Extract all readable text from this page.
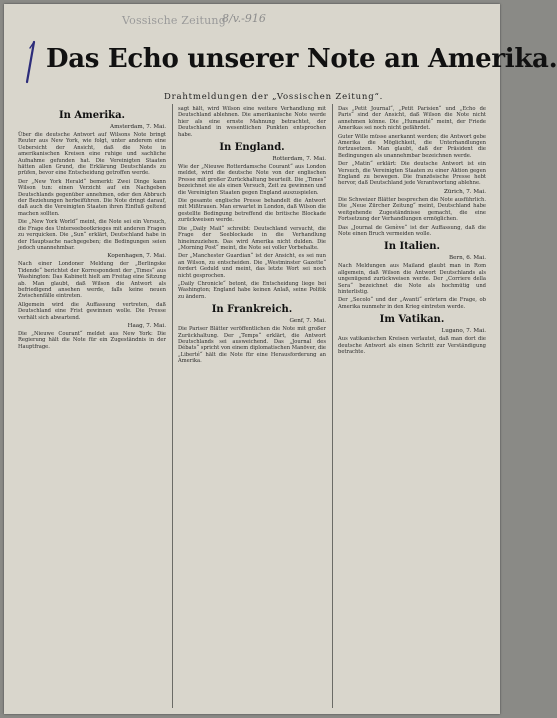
Vossische Zeitung
8/v.-916
Das Echo unserer Note an Amerika.
Drahtmeldungen der „Vossischen Zeitung“.
In Amerika.
Amsterdam, 7. Mai.

Über die deutsche Antwort auf Wilsons Note bringt Reuter aus New York, wie folgt, unter anderem eine Uebersicht der Ansicht, daß die Note in amerikanischen Kreisen eine ruhige und sachliche Aufnahme gefunden hat. Die Vereinigten Staaten hätten allen Grund, die Erklärung Deutschlands zu prüfen, bevor eine Entscheidung getroffen werde.

Der „New York Herald“ bemerkt: Zwei Dinge kann Wilson tun: einen Verzicht auf ein Nachgeben Deutschlands gegenüber annehmen, oder den Abbruch der Beziehungen herbeiführen. Die Note dringt darauf, daß auch die Vereinigten Staaten ihren Einfluß geltend machen sollten.

Die „New York World“ meint, die Note sei ein Versuch, die Frage des Unterseebootkrieges mit anderen Fragen zu verquicken. Die „Sun“ erklärt, Deutschland habe in der Hauptsache nachgegeben; die Bedingungen seien jedoch unannehmbar.

Kopenhagen, 7. Mai.

Nach einer Londoner Meldung der „Berlingske Tidende“ berichtet der Korrespondent der „Times“ aus Washington: Das Kabinett hielt am Freitag eine Sitzung ab. Man glaubt, daß Wilson die Antwort als befriedigend ansehen werde, falls keine neuen Zwischenfälle eintreten.

Allgemein wird die Auffassung vertreten, daß Deutschland eine Frist gewinnen wolle. Die Presse verhält sich abwartend.

Haag, 7. Mai.

Die „Nieuwe Courant“ meldet aus New York: Die Regierung hält die Note für ein Zugeständnis in der Hauptfrage.

sagt hält, wird Wilson eine weitere Verhandlung mit Deutschland ablehnen. Die amerikanische Note werde hier als eine ernste Mahnung betrachtet, der Deutschland in wesentlichen Punkten entsprochen habe.

In England.
Rotterdam, 7. Mai.

Wie der „Nieuwe Rotterdamsche Courant“ aus London meldet, wird die deutsche Note von der englischen Presse mit großer Zurückhaltung beurteilt. Die „Times“ bezeichnet sie als einen Versuch, Zeit zu gewinnen und die Vereinigten Staaten gegen England auszuspielen.

Die gesamte englische Presse behandelt die Antwort mit Mißtrauen. Man erwartet in London, daß Wilson die gestellte Bedingung betreffend die britische Blockade zurückweisen werde.

Die „Daily Mail“ schreibt: Deutschland versucht, die Frage der Seeblockade in die Verhandlung hineinzuziehen. Das wird Amerika nicht dulden. Die „Morning Post“ meint, die Note sei voller Vorbehalte.

Der „Manchester Guardian“ ist der Ansicht, es sei nun an Wilson, zu entscheiden. Die „Westminster Gazette“ fordert Geduld und meint, das letzte Wort sei noch nicht gesprochen.

„Daily Chronicle“ betont, die Entscheidung liege bei Washington; England habe keinen Anlaß, seine Politik zu ändern.

In Frankreich.
Genf, 7. Mai.

Die Pariser Blätter veröffentlichen die Note mit großer Zurückhaltung. Der „Temps“ erklärt, die Antwort Deutschlands sei ausweichend. Das „Journal des Débats“ spricht von einem diplomatischen Manöver, die „Liberté“ hält die Note für eine Herausforderung an Amerika.

Das „Petit Journal“, „Petit Parisien“ und „Echo de Paris“ sind der Ansicht, daß Wilson die Note nicht annehmen könne. Die „Humanité“ meint, der Friede Amerikas sei noch nicht gefährdet.

Guter Wille müsse anerkannt werden; die Antwort gebe Amerika die Möglichkeit, die Unterhandlungen fortzusetzen. Man glaubt, daß der Präsident die Bedingungen als unannehmbar bezeichnen werde.

Der „Matin“ erklärt: Die deutsche Antwort ist ein Versuch, die Vereinigten Staaten zu einer Aktion gegen England zu bewegen. Die französische Presse hebt hervor, daß Deutschland jede Verantwortung ablehne.

Zürich, 7. Mai.

Die Schweizer Blätter besprechen die Note ausführlich. Die „Neue Zürcher Zeitung“ meint, Deutschland habe weitgehende Zugeständnisse gemacht, die eine Fortsetzung der Verhandlungen ermöglichen.

Das „Journal de Genève“ ist der Auffassung, daß die Note einen Bruch vermeiden wolle.

In Italien.
Bern, 6. Mai.

Nach Meldungen aus Mailand glaubt man in Rom allgemein, daß Wilson die Antwort Deutschlands als ungenügend zurückweisen werde. Der „Corriere della Sera“ bezeichnet die Note als hochmütig und hinterlistig.

Der „Secolo“ und der „Avanti“ erörtern die Frage, ob Amerika nunmehr in den Krieg eintreten werde.

Im Vatikan.
Lugano, 7. Mai.

Aus vatikanischen Kreisen verlautet, daß man dort die deutsche Antwort als einen Schritt zur Verständigung betrachte.
